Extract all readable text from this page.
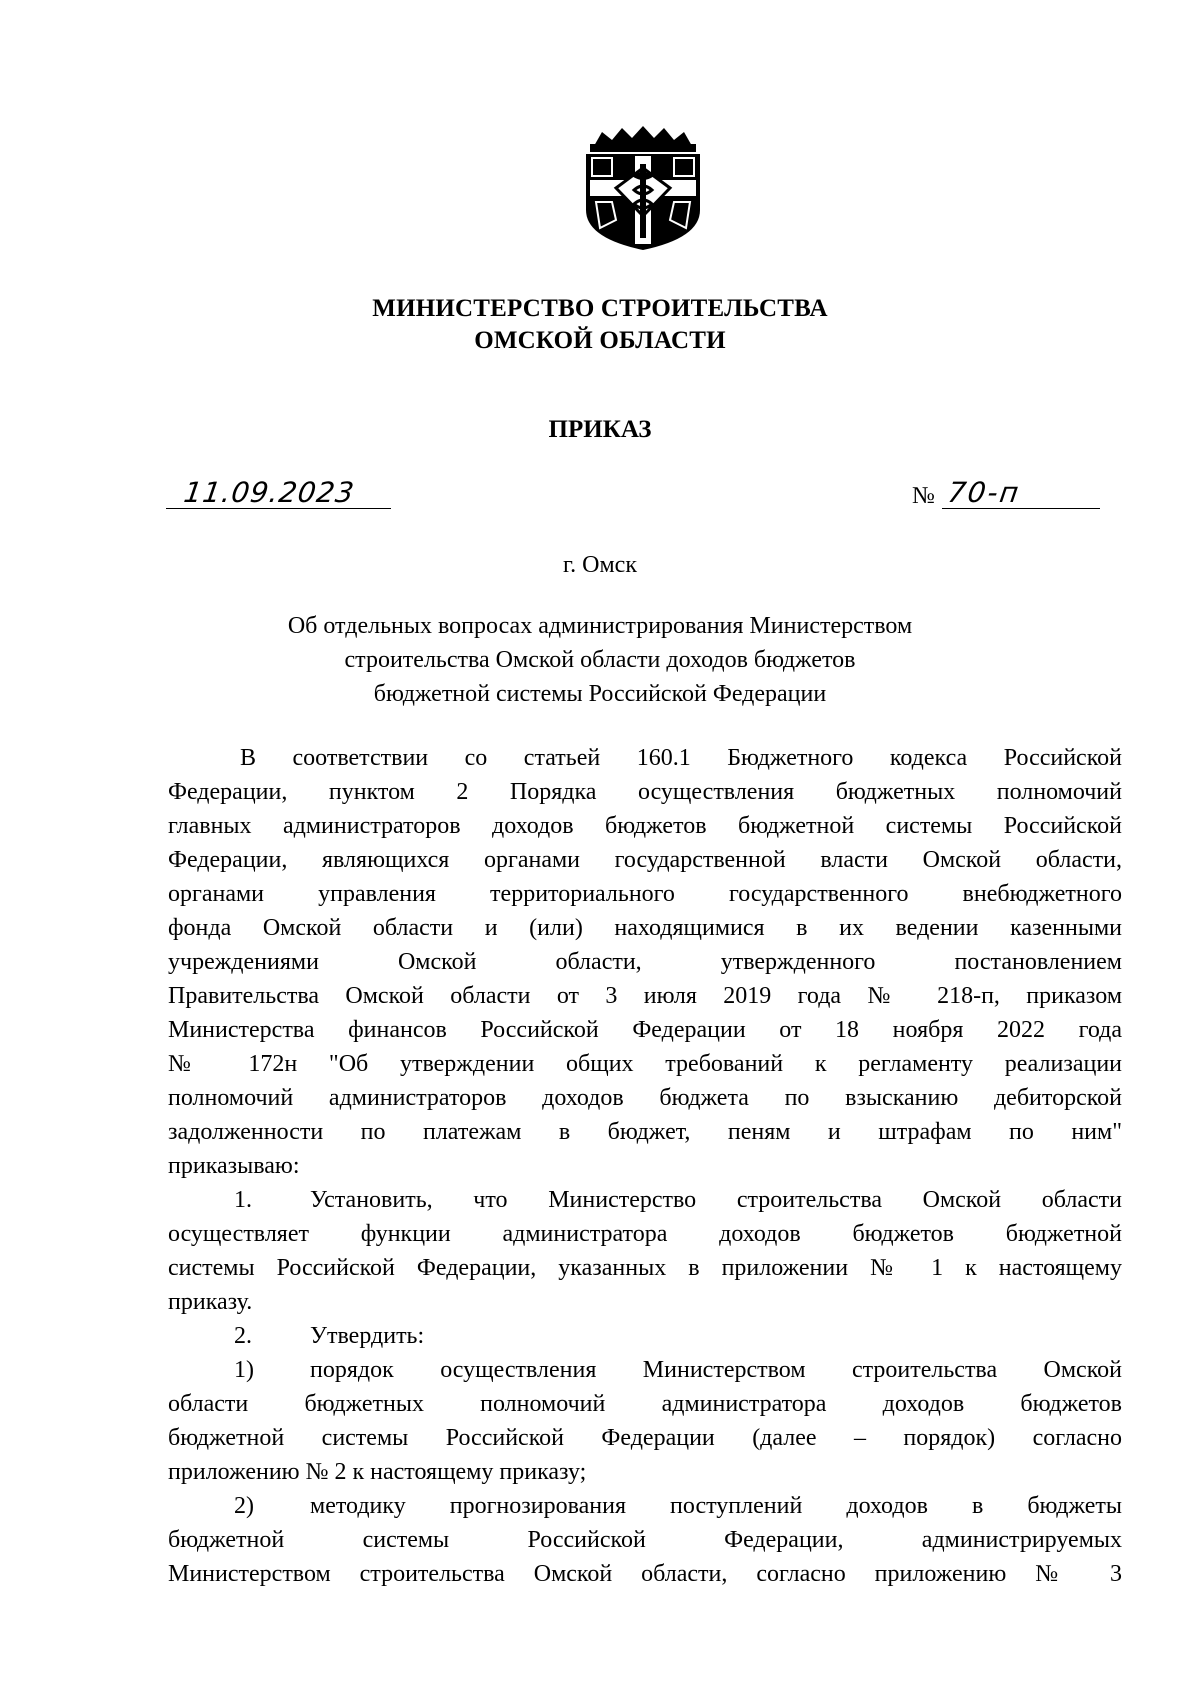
МИНИСТЕРСТВО СТРОИТЕЛЬСТВА
ОМСКОЙ ОБЛАСТИ
ПРИКАЗ
11.09.2023	№ 70-п
г. Омск
Об отдельных вопросах администрирования Министерством
строительства Омской области доходов бюджетов
бюджетной системы Российской Федерации
В соответствии со статьей 160.1 Бюджетного кодекса Российской
Федерации, пунктом 2 Порядка осуществления бюджетных полномочий
главных администраторов доходов бюджетов бюджетной системы Российской
Федерации, являющихся органами государственной власти Омской области,
органами управления территориального государственного внебюджетного
фонда Омской области и (или) находящимися в их ведении казенными
учреждениями Омской области, утвержденного постановлением
Правительства Омской области от 3 июля 2019 года № 218-п, приказом
Министерства финансов Российской Федерации от 18 ноября 2022 года
№ 172н "Об утверждении общих требований к регламенту реализации
полномочий администраторов доходов бюджета по взысканию дебиторской
задолженности по платежам в бюджет, пеням и штрафам по ним"
приказываю:
1. Установить, что Министерство строительства Омской области
осуществляет функции администратора доходов бюджетов бюджетной
системы Российской Федерации, указанных в приложении № 1 к настоящему
приказу.
2. Утвердить:
1) порядок осуществления Министерством строительства Омской
области бюджетных полномочий администратора доходов бюджетов
бюджетной системы Российской Федерации (далее – порядок) согласно
приложению № 2 к настоящему приказу;
2) методику прогнозирования поступлений доходов в бюджеты
бюджетной системы Российской Федерации, администрируемых
Министерством строительства Омской области, согласно приложению № 3
